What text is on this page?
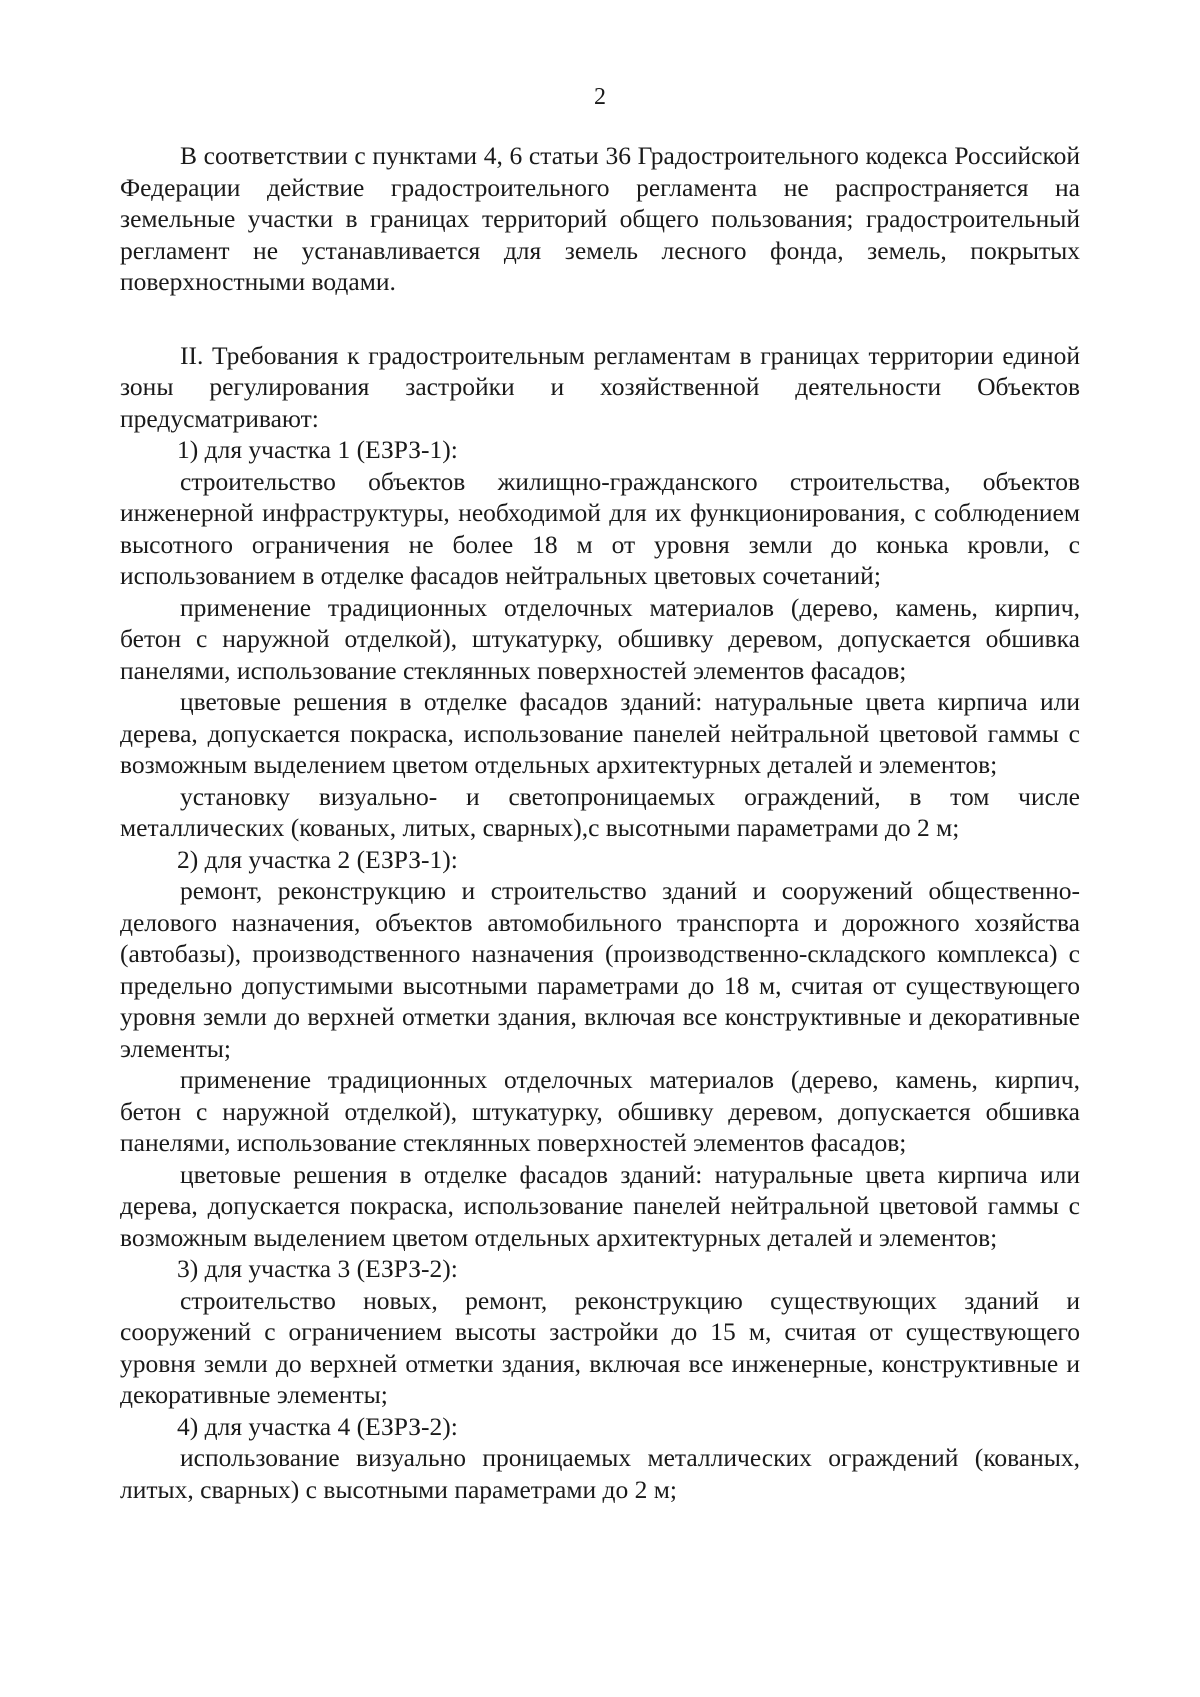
2

В соответствии с пунктами 4, 6 статьи 36 Градостроительного кодекса Российской Федерации действие градостроительного регламента не распространяется на земельные участки в границах территорий общего пользования; градостроительный регламент не устанавливается для земель лесного фонда, земель, покрытых поверхностными водами.

II. Требования к градостроительным регламентам в границах территории единой зоны регулирования застройки и хозяйственной деятельности Объектов предусматривают:

1) для участка 1 (ЕЗРЗ-1):

строительство объектов жилищно-гражданского строительства, объектов инженерной инфраструктуры, необходимой для их функционирования, с соблюдением высотного ограничения не более 18 м от уровня земли до конька кровли, с использованием в отделке фасадов нейтральных цветовых сочетаний;

применение традиционных отделочных материалов (дерево, камень, кирпич, бетон с наружной отделкой), штукатурку, обшивку деревом, допускается обшивка панелями, использование стеклянных поверхностей элементов фасадов;

цветовые решения в отделке фасадов зданий: натуральные цвета кирпича или дерева, допускается покраска, использование панелей нейтральной цветовой гаммы с возможным выделением цветом отдельных архитектурных деталей и элементов;

установку визуально- и светопроницаемых ограждений, в том числе металлических (кованых, литых, сварных),с высотными параметрами до 2 м;

2) для участка 2 (ЕЗРЗ-1):

ремонт, реконструкцию и строительство зданий и сооружений общественно-делового назначения, объектов автомобильного транспорта и дорожного хозяйства (автобазы), производственного назначения (производственно-складского комплекса) с предельно допустимыми высотными параметрами до 18 м, считая от существующего уровня земли до верхней отметки здания, включая все конструктивные и декоративные элементы;

применение традиционных отделочных материалов (дерево, камень, кирпич, бетон с наружной отделкой), штукатурку, обшивку деревом, допускается обшивка панелями, использование стеклянных поверхностей элементов фасадов;

цветовые решения в отделке фасадов зданий: натуральные цвета кирпича или дерева, допускается покраска, использование панелей нейтральной цветовой гаммы с возможным выделением цветом отдельных архитектурных деталей и элементов;

3) для участка 3 (ЕЗРЗ-2):

строительство новых, ремонт, реконструкцию существующих зданий и сооружений с ограничением высоты застройки до 15 м, считая от существующего уровня земли до верхней отметки здания, включая все инженерные, конструктивные и декоративные элементы;

4) для участка 4 (ЕЗРЗ-2):

использование визуально проницаемых металлических ограждений (кованых, литых, сварных) с высотными параметрами до 2 м;
